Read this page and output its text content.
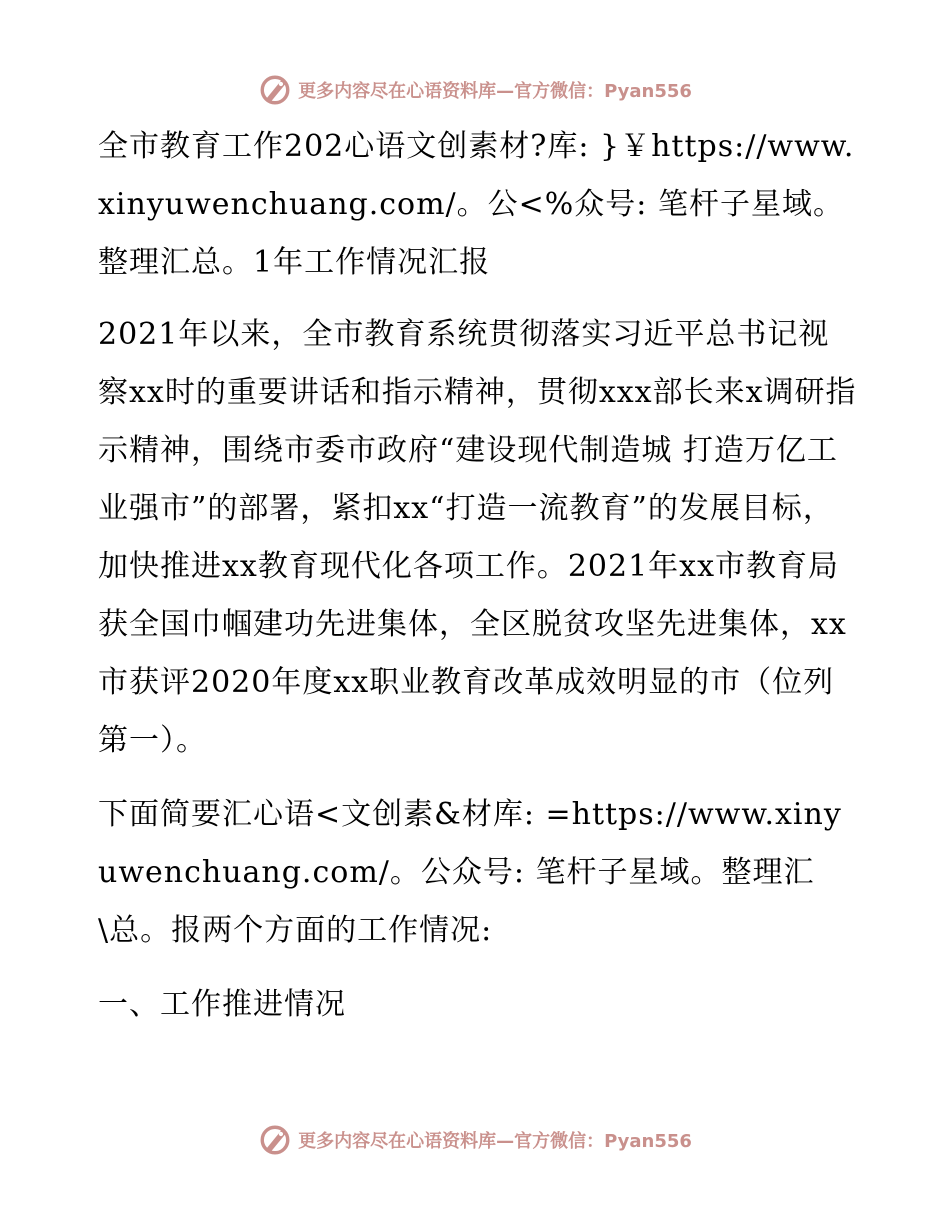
更多内容尽在心语资料库—官方微信：Pyan556

全市教育工作202心语文创素材?库: }￥https://www.xinyuwenchuang.com/。公<%众号: 笔杆子星域。整理汇总。1年工作情况汇报

2021年以来，全市教育系统贯彻落实习近平总书记视察xx时的重要讲话和指示精神，贯彻xxx部长来x调研指示精神，围绕市委市政府“建设现代制造城 打造万亿工业强市”的部署，紧扣xx“打造一流教育”的发展目标，加快推进xx教育现代化各项工作。2021年xx市教育局获全国巾帼建功先进集体，全区脱贫攻坚先进集体，xx市获评2020年度xx职业教育改革成效明显的市（位列第一）。

下面简要汇心语<文创素&材库: =https://www.xinyuwenchuang.com/。公众号: 笔杆子星域。整理汇\总。报两个方面的工作情况:

一、工作推进情况

更多内容尽在心语资料库—官方微信：Pyan556
